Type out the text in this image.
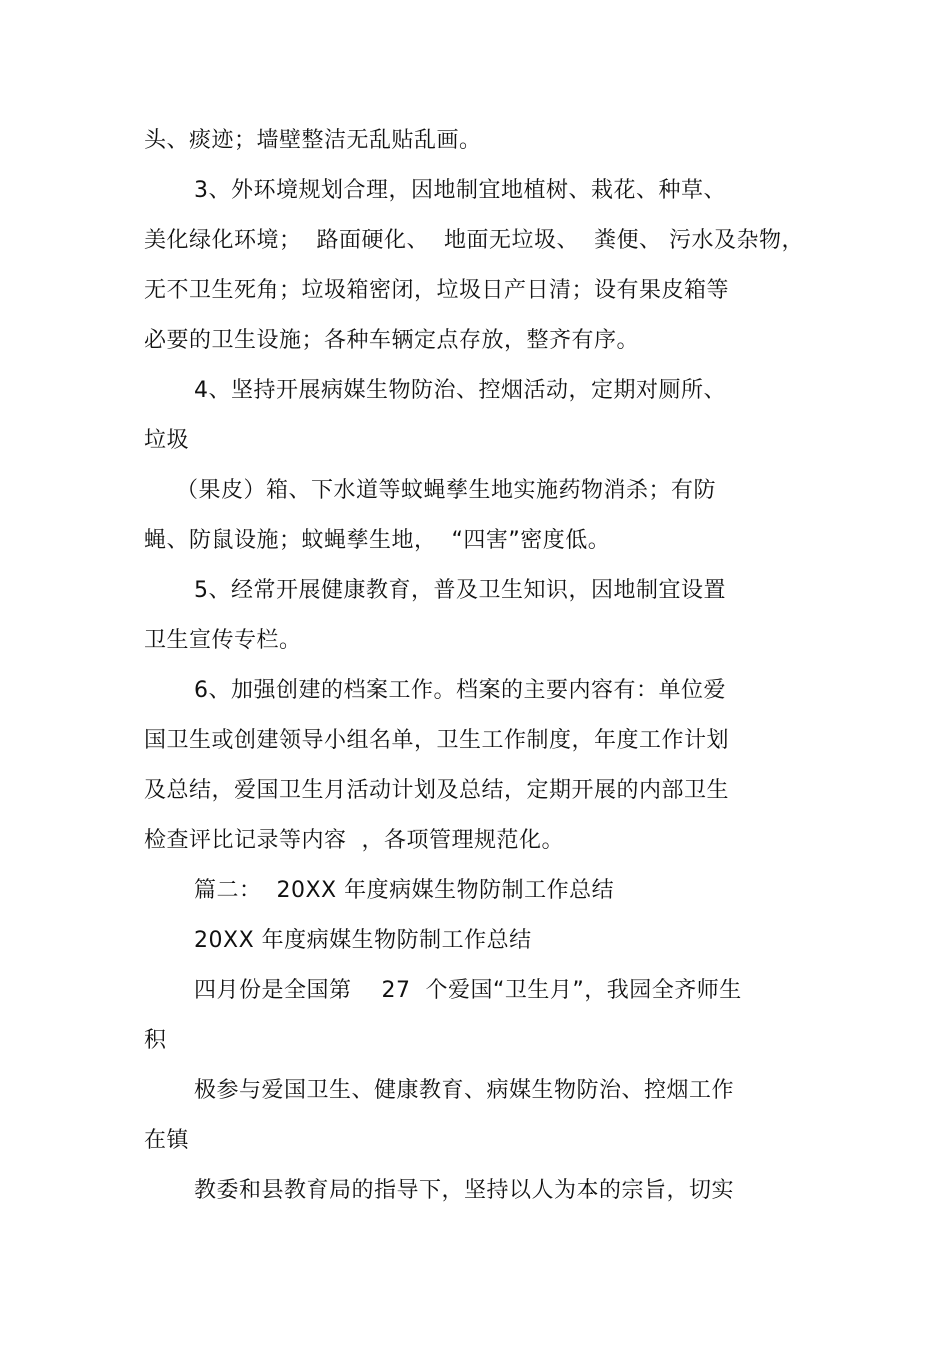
头、痰迹；墙壁整洁无乱贴乱画。
3、外环境规划合理，因地制宜地植树、栽花、种草、
美化绿化环境；  路面硬化、  地面无垃圾、  粪便、 污水及杂物，
无不卫生死角；垃圾箱密闭，垃圾日产日清；设有果皮箱等
必要的卫生设施；各种车辆定点存放，整齐有序。
4、坚持开展病媒生物防治、控烟活动，定期对厕所、
垃圾
（果皮）箱、下水道等蚊蝇孳生地实施药物消杀；有防
蝇、防鼠设施；蚊蝇孳生地，  “四害”密度低。
5、经常开展健康教育，普及卫生知识，因地制宜设置
卫生宣传专栏。
6、加强创建的档案工作。档案的主要内容有：单位爱
国卫生或创建领导小组名单，卫生工作制度，年度工作计划
及总结，爱国卫生月活动计划及总结，定期开展的内部卫生
检查评比记录等内容  ，各项管理规范化。
篇二：  20XX 年度病媒生物防制工作总结
20XX 年度病媒生物防制工作总结
四月份是全国第    27  个爱国“卫生月”，我园全齐师生
积
极参与爱国卫生、健康教育、病媒生物防治、控烟工作
在镇
教委和县教育局的指导下，坚持以人为本的宗旨，切实
